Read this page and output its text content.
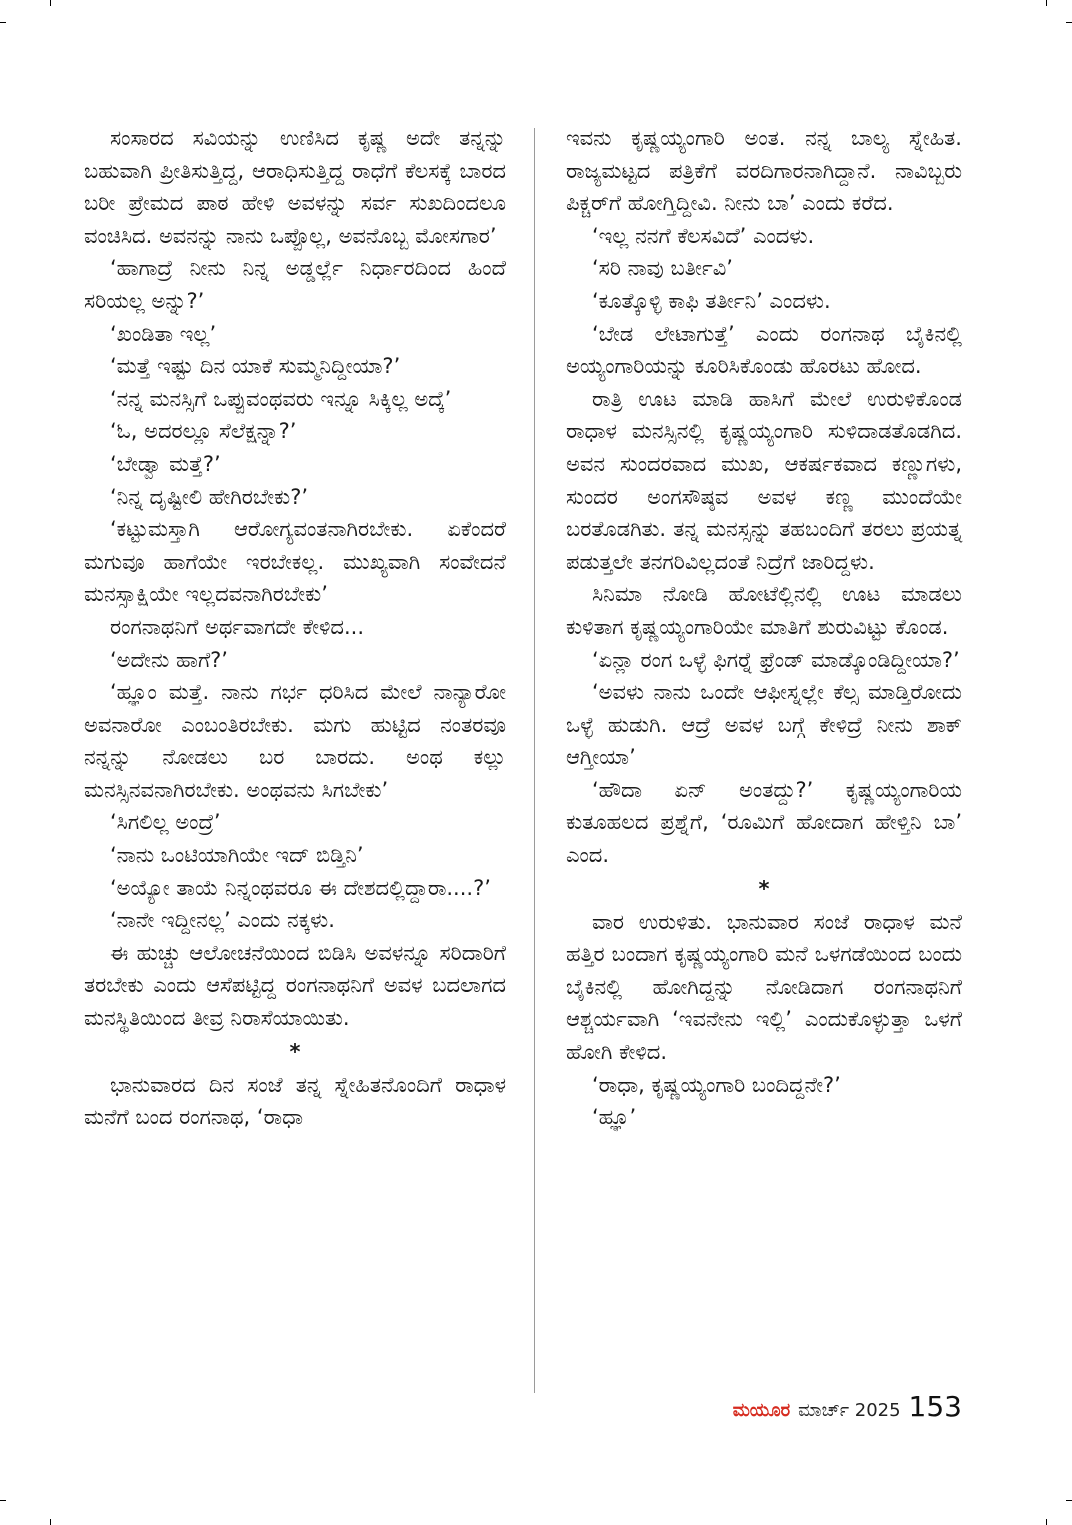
ಸಂಸಾರದ ಸವಿಯನ್ನು ಉಣಿಸಿದ ಕೃಷ್ಣ ಅದೇ ತನ್ನನ್ನು ಬಹುವಾಗಿ ಪ್ರೀತಿಸುತ್ತಿದ್ದ, ಆರಾಧಿಸುತ್ತಿದ್ದ ರಾಧೆಗೆ ಕೆಲಸಕ್ಕೆ ಬಾರದ ಬರೀ ಪ್ರೇಮದ ಪಾಠ ಹೇಳಿ ಅವಳನ್ನು ಸರ್ವ ಸುಖದಿಂದಲೂ ವಂಚಿಸಿದ. ಅವನನ್ನು ನಾನು ಒಪ್ಪೊಲ್ಲ, ಅವನೊಬ್ಬ ಮೋಸಗಾರ’

‘ಹಾಗಾದ್ರೆ ನೀನು ನಿನ್ನ ಅಡ್ಡರ್ಲ್ಲೆ ನಿರ್ಧಾರದಿಂದ ಹಿಂದೆ ಸರಿಯಲ್ಲ ಅನ್ನು?’

‘ಖಂಡಿತಾ ಇಲ್ಲ’

‘ಮತ್ತೆ ಇಷ್ಟು ದಿನ ಯಾಕೆ ಸುಮ್ಮನಿದ್ದೀಯಾ?’

‘ನನ್ನ ಮನಸ್ಸಿಗೆ ಒಪ್ಪುವಂಥವರು ಇನ್ನೂ ಸಿಕ್ಕಿಲ್ಲ ಅದ್ಕೆ’

‘ಓ, ಅದರಲ್ಲೂ ಸೆಲೆಕ್ಷನ್ನಾ?’

‘ಬೇಡ್ವಾ ಮತ್ತೆ?’

‘ನಿನ್ನ ದೃಷ್ಟೀಲಿ ಹೇಗಿರಬೇಕು?’

‘ಕಟ್ಟುಮಸ್ತಾಗಿ ಆರೋಗ್ಯವಂತನಾಗಿರಬೇಕು. ಏಕೆಂದರೆ ಮಗುವೂ ಹಾಗೆಯೇ ಇರಬೇಕಲ್ಲ. ಮುಖ್ಯವಾಗಿ ಸಂವೇದನೆ ಮನಸ್ಸಾಕ್ಷಿಯೇ ಇಲ್ಲದವನಾಗಿರಬೇಕು’

ರಂಗನಾಥನಿಗೆ ಅರ್ಥವಾಗದೇ ಕೇಳಿದ...

‘ಅದೇನು ಹಾಗೆ?’

‘ಹ್ಞೂಂ ಮತ್ತೆ. ನಾನು ಗರ್ಭ ಧರಿಸಿದ ಮೇಲೆ ನಾನ್ಯಾರೋ ಅವನಾರೋ ಎಂಬಂತಿರಬೇಕು. ಮಗು ಹುಟ್ಟಿದ ನಂತರವೂ ನನ್ನನ್ನು ನೋಡಲು ಬರ ಬಾರದು. ಅಂಥ ಕಲ್ಲು ಮನಸ್ಸಿನವನಾಗಿರಬೇಕು. ಅಂಥವನು ಸಿಗಬೇಕು’

‘ಸಿಗಲಿಲ್ಲ ಅಂದ್ರೆ’

‘ನಾನು ಒಂಟಿಯಾಗಿಯೇ ಇದ್ ಬಿಡ್ತಿನಿ’

‘ಅಯ್ಯೋ ತಾಯೆ ನಿನ್ನಂಥವರೂ ಈ ದೇಶದಲ್ಲಿದ್ದಾರಾ....?’

‘ನಾನೇ ಇದ್ದೀನಲ್ಲ’ ಎಂದು ನಕ್ಕಳು.

ಈ ಹುಚ್ಚು ಆಲೋಚನೆಯಿಂದ ಬಿಡಿಸಿ ಅವಳನ್ನೂ ಸರಿದಾರಿಗೆ ತರಬೇಕು ಎಂದು ಆಸೆಪಟ್ಟಿದ್ದ ರಂಗನಾಥನಿಗೆ ಅವಳ ಬದಲಾಗದ ಮನಸ್ಥಿತಿಯಿಂದ ತೀವ್ರ ನಿರಾಸೆಯಾಯಿತು.

*

ಭಾನುವಾರದ ದಿನ ಸಂಜೆ ತನ್ನ ಸ್ನೇಹಿತನೊಂದಿಗೆ ರಾಧಾಳ ಮನೆಗೆ ಬಂದ ರಂಗನಾಥ, ‘ರಾಧಾ

ಇವನು ಕೃಷ್ಣಯ್ಯಂಗಾರಿ ಅಂತ. ನನ್ನ ಬಾಲ್ಯ ಸ್ನೇಹಿತ. ರಾಜ್ಯಮಟ್ಟದ ಪತ್ರಿಕೆಗೆ ವರದಿಗಾರನಾಗಿದ್ದಾನೆ. ನಾವಿಬ್ಬರು ಪಿಕ್ಚರ್‌ಗೆ ಹೋಗ್ತಿದ್ದೀವಿ. ನೀನು ಬಾ’ ಎಂದು ಕರೆದ.

‘ಇಲ್ಲ ನನಗೆ ಕೆಲಸವಿದೆ’ ಎಂದಳು.

‘ಸರಿ ನಾವು ಬರ್ತೀವಿ’

‘ಕೂತ್ಕೊಳ್ಳಿ ಕಾಫಿ ತರ್ತೀನಿ’ ಎಂದಳು.

‘ಬೇಡ ಲೇಟಾಗುತ್ತೆ’ ಎಂದು ರಂಗನಾಥ ಬೈಕಿನಲ್ಲಿ ಅಯ್ಯಂಗಾರಿಯನ್ನು ಕೂರಿಸಿಕೊಂಡು ಹೊರಟು ಹೋದ.

ರಾತ್ರಿ ಊಟ ಮಾಡಿ ಹಾಸಿಗೆ ಮೇಲೆ ಉರುಳಿಕೊಂಡ ರಾಧಾಳ ಮನಸ್ಸಿನಲ್ಲಿ ಕೃಷ್ಣಯ್ಯಂಗಾರಿ ಸುಳಿದಾಡತೊಡಗಿದ. ಅವನ ಸುಂದರವಾದ ಮುಖ, ಆಕರ್ಷಕವಾದ ಕಣ್ಣುಗಳು, ಸುಂದರ ಅಂಗಸೌಷ್ಠವ ಅವಳ ಕಣ್ಣ ಮುಂದೆಯೇ ಬರತೊಡಗಿತು. ತನ್ನ ಮನಸ್ಸನ್ನು ತಹಬಂದಿಗೆ ತರಲು ಪ್ರಯತ್ನ ಪಡುತ್ತಲೇ ತನಗರಿವಿಲ್ಲದಂತೆ ನಿದ್ರೆಗೆ ಜಾರಿದ್ದಳು.

ಸಿನಿಮಾ ನೋಡಿ ಹೋಟೆಲ್ಲಿನಲ್ಲಿ ಊಟ ಮಾಡಲು ಕುಳಿತಾಗ ಕೃಷ್ಣಯ್ಯಂಗಾರಿಯೇ ಮಾತಿಗೆ ಶುರುವಿಟ್ಟು ಕೊಂಡ.

‘ಏನ್ಲಾ ರಂಗ ಒಳ್ಳೆ ಫಿಗರ್‍ನೆ ಫ್ರೆಂಡ್ ಮಾಡ್ಕೊಂಡಿದ್ದೀಯಾ?’

‘ಅವಳು ನಾನು ಒಂದೇ ಆಫೀಸ್ನಲ್ಲೇ ಕೆಲ್ಸ ಮಾಡ್ತಿರೋದು ಒಳ್ಳೆ ಹುಡುಗಿ. ಆದ್ರೆ ಅವಳ ಬಗ್ಗೆ ಕೇಳಿದ್ರೆ ನೀನು ಶಾಕ್ ಆಗ್ತೀಯಾ’

‘ಹೌದಾ ಏನ್ ಅಂತದ್ದು?’ ಕೃಷ್ಣಯ್ಯಂಗಾರಿಯ ಕುತೂಹಲದ ಪ್ರಶ್ನೆಗೆ, ‘ರೂಮಿಗೆ ಹೋದಾಗ ಹೇಳ್ತಿನಿ ಬಾ’ ಎಂದ.

*

ವಾರ ಉರುಳಿತು. ಭಾನುವಾರ ಸಂಜೆ ರಾಧಾಳ ಮನೆ ಹತ್ತಿರ ಬಂದಾಗ ಕೃಷ್ಣಯ್ಯಂಗಾರಿ ಮನೆ ಒಳಗಡೆಯಿಂದ ಬಂದು ಬೈಕಿನಲ್ಲಿ ಹೋಗಿದ್ದನ್ನು ನೋಡಿದಾಗ ರಂಗನಾಥನಿಗೆ ಆಶ್ಚರ್ಯವಾಗಿ ‘ಇವನೇನು ಇಲ್ಲಿ’ ಎಂದುಕೊಳ್ಳುತ್ತಾ ಒಳಗೆ ಹೋಗಿ ಕೇಳಿದ.

‘ರಾಧಾ, ಕೃಷ್ಣಯ್ಯಂಗಾರಿ ಬಂದಿದ್ದನೇ?’

‘ಹ್ಞೂ’

ಮಯೂರ ಮಾರ್ಚ್ 2025 153
